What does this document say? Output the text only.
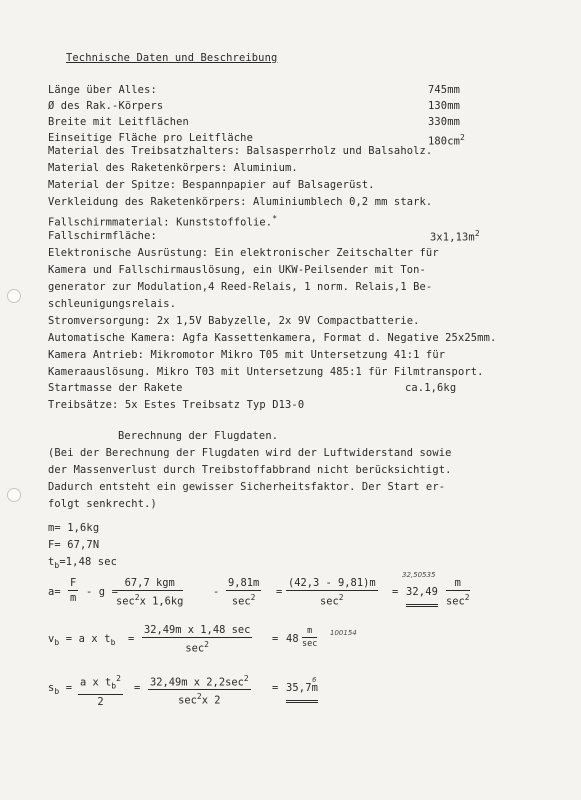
Technische Daten und Beschreibung
Länge über Alles:	745mm
Ø des Rak.-Körpers	130mm
Breite mit Leitflächen	330mm
Einseitige Fläche pro Leitfläche	$180cm^2$
Material des Treibsatzhalters: Balsasperrholz und Balsaholz.
Material des Raketenkörpers: Aluminium.
Material der Spitze: Bespannpapier auf Balsagerüst.
Verkleidung des Raketenkörpers: Aluminiumblech 0,2 mm stark.
Fallschirmmaterial: Kunststoffolie.*
Fallschirmfläche:	$3x1,13m^2$
Elektronische Ausrüstung: Ein elektronischer Zeitschalter für
Kamera und Fallschirmauslösung, ein UKW-Peilsender mit Ton-
generator zur Modulation,4 Reed-Relais, 1 norm. Relais,1 Be-
schleunigungsrelais.
Stromversorgung: 2x 1,5V Babyzelle, 2x 9V Compactbatterie.
Automatische Kamera: Agfa Kassettenkamera, Format d. Negative 25x25mm.
Kamera Antrieb: Mikromotor Mikro T05 mit Untersetzung 41:1 für
Kameraauslösung. Mikro T03 mit Untersetzung 485:1 für Filmtransport.
Startmasse der Rakete	ca.1,6kg
Treibsätze: 5x Estes Treibsatz Typ D13-0
Berechnung der Flugdaten.
(Bei der Berechnung der Flugdaten wird der Luftwiderstand sowie
der Massenverlust durch Treibstoffabbrand nicht berücksichtigt.
Dadurch entsteht ein gewisser Sicherheitsfaktor. Der Start er-
folgt senkrecht.)
m= 1,6kg
F= 67,7N
$t_b=1,48$ sec
$a= \frac{F}{m} - g$ =
67,7 kgm
$\sec^2x$ 1,6kg
-
9,81m
$\sec^2$	=
(42,3 - 9,81)m
$\sec^2$	= 32,49
m
$\sec^2$
32,50535
$v_b = a$ x $t_b$ =
32,49m x 1,48 sec
$\sec^2$	= 48
m
sec
100154
$s_b = \frac{a x t_b^2}{2} = 32,49m$ x $2,2\sec^2$
$\sec^2x$ 2
= 35,7m
6
